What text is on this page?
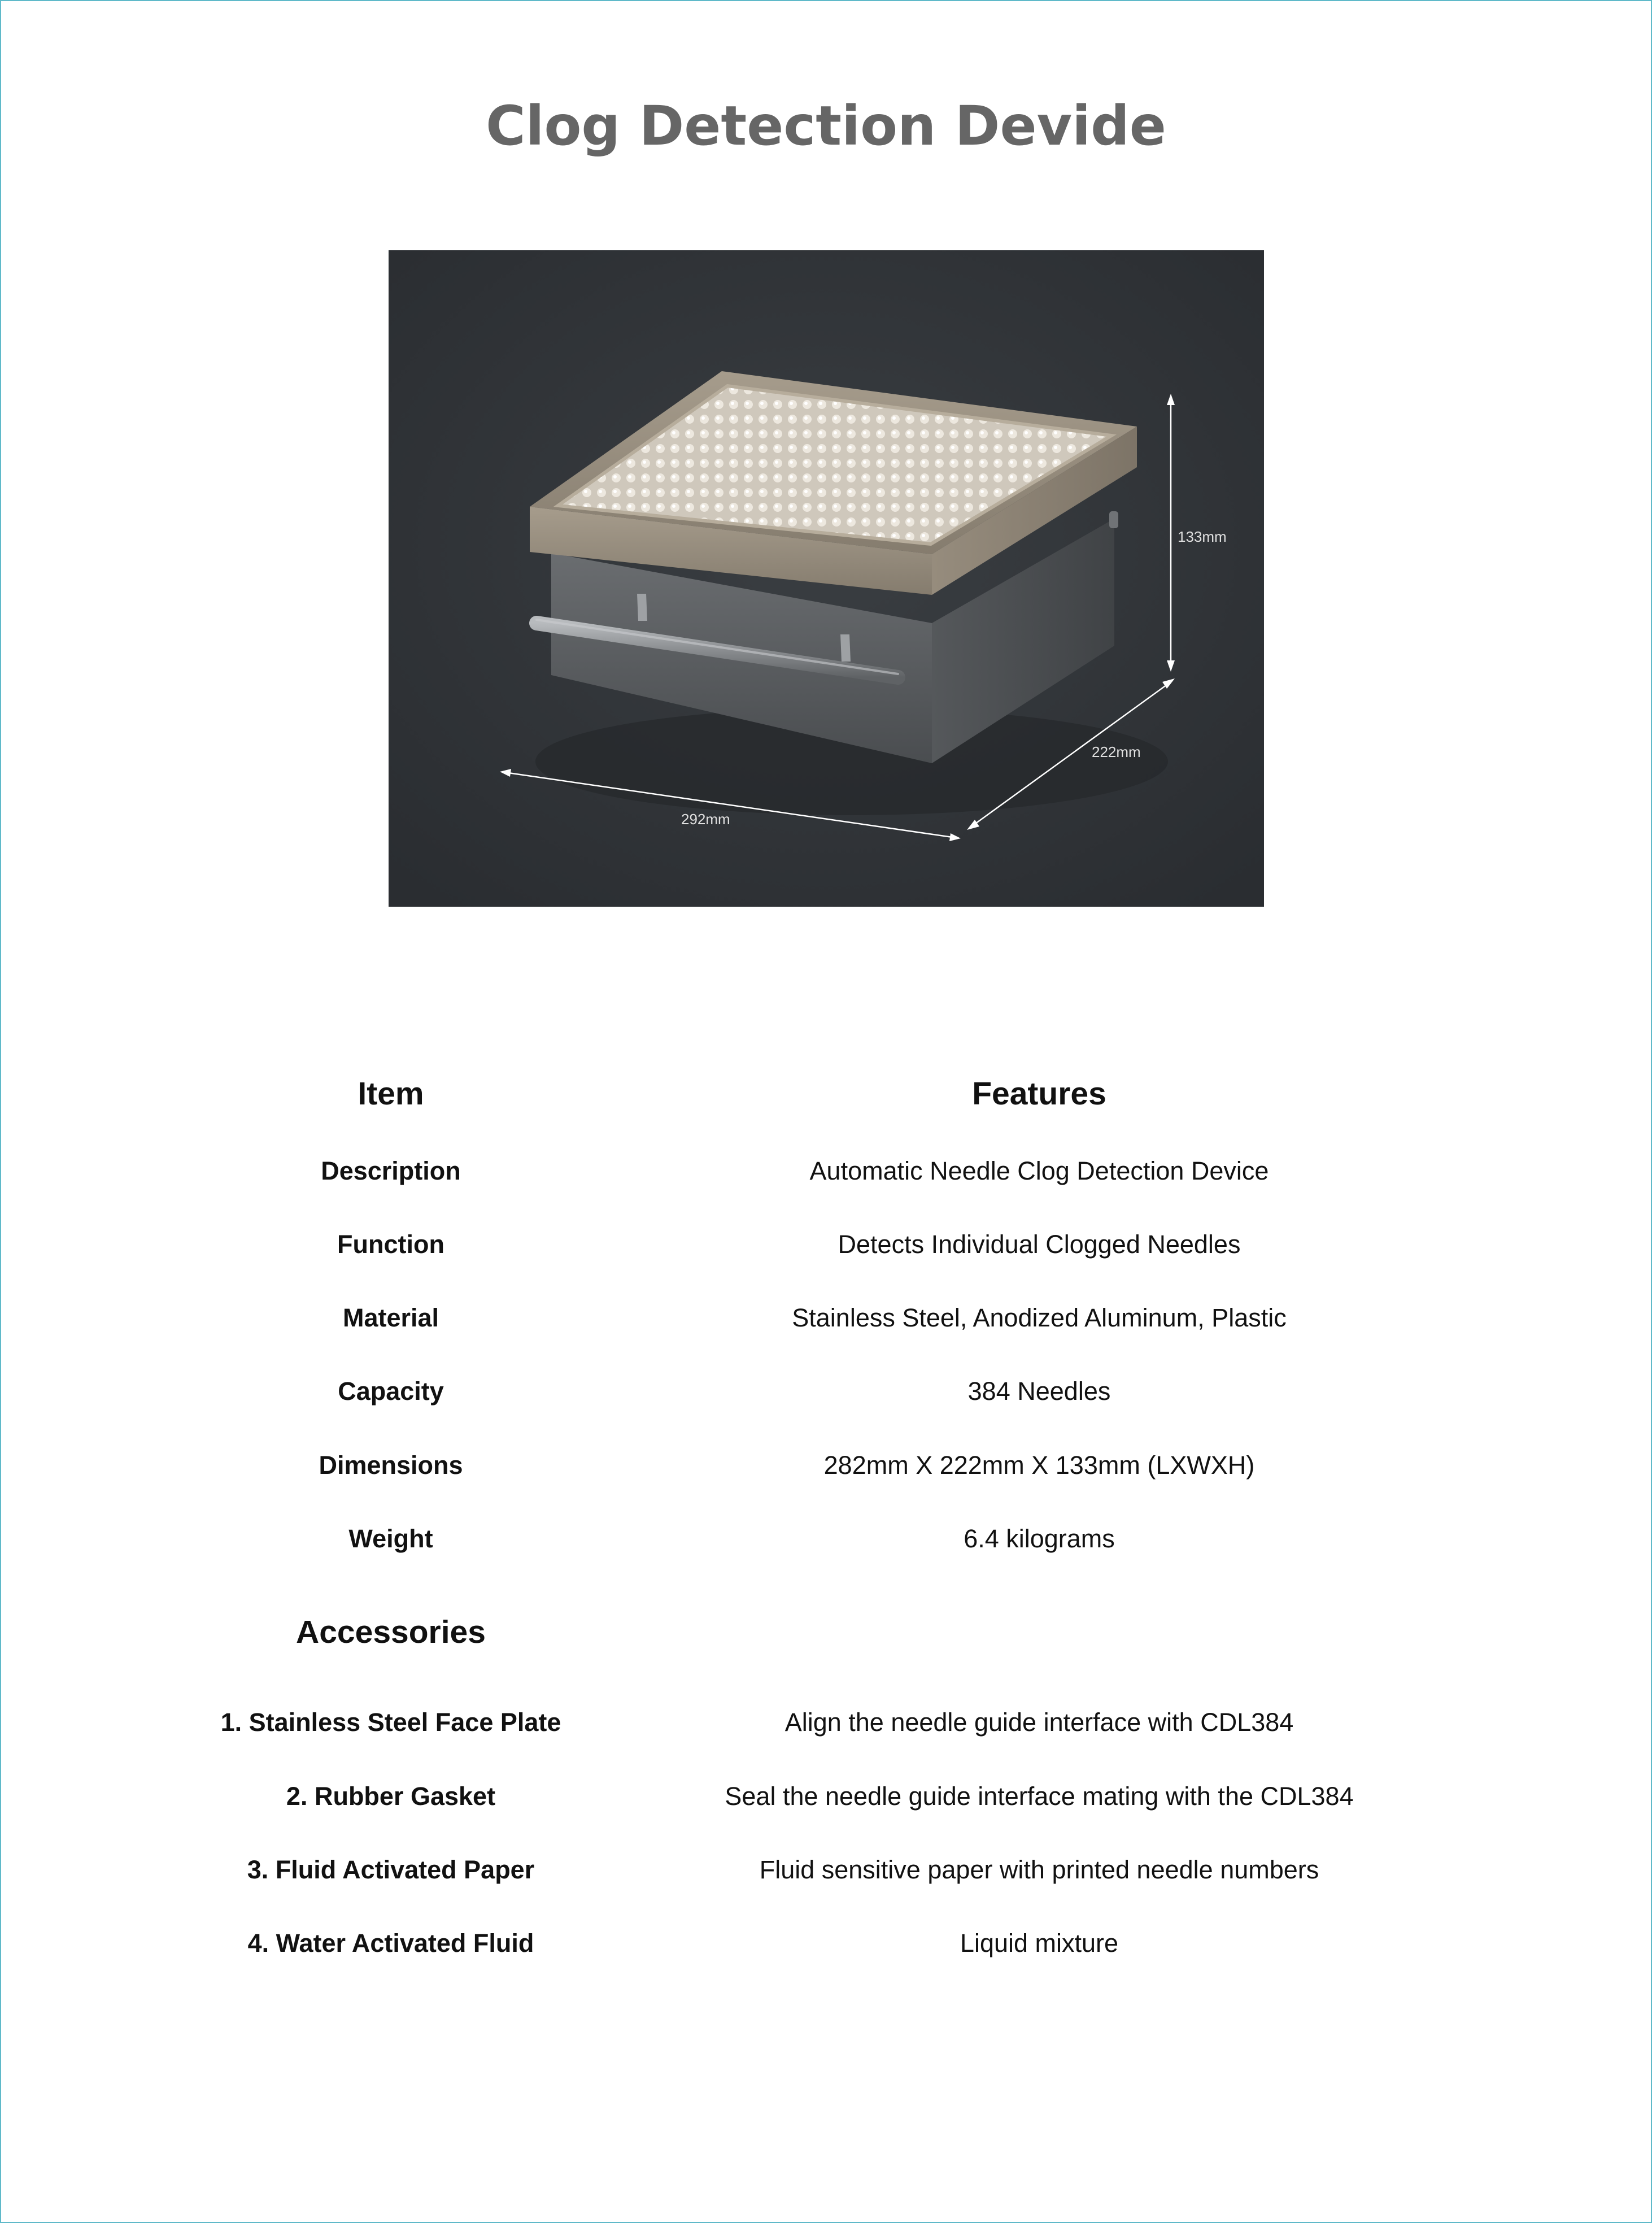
Clog Detection Devide
133mm
222mm
292mm
Item	Features
Description	Automatic Needle Clog Detection Device
Function	Detects Individual Clogged Needles
Material	Stainless Steel, Anodized Aluminum, Plastic
Capacity	384 Needles
Dimensions	282mm X 222mm X 133mm (LXWXH)
Weight	6.4 kilograms
Accessories
1. Stainless Steel Face Plate	Align the needle guide interface with CDL384
2. Rubber Gasket	Seal the needle guide interface mating with the CDL384
3. Fluid Activated Paper	Fluid sensitive paper with printed needle numbers
4. Water Activated Fluid	Liquid mixture
